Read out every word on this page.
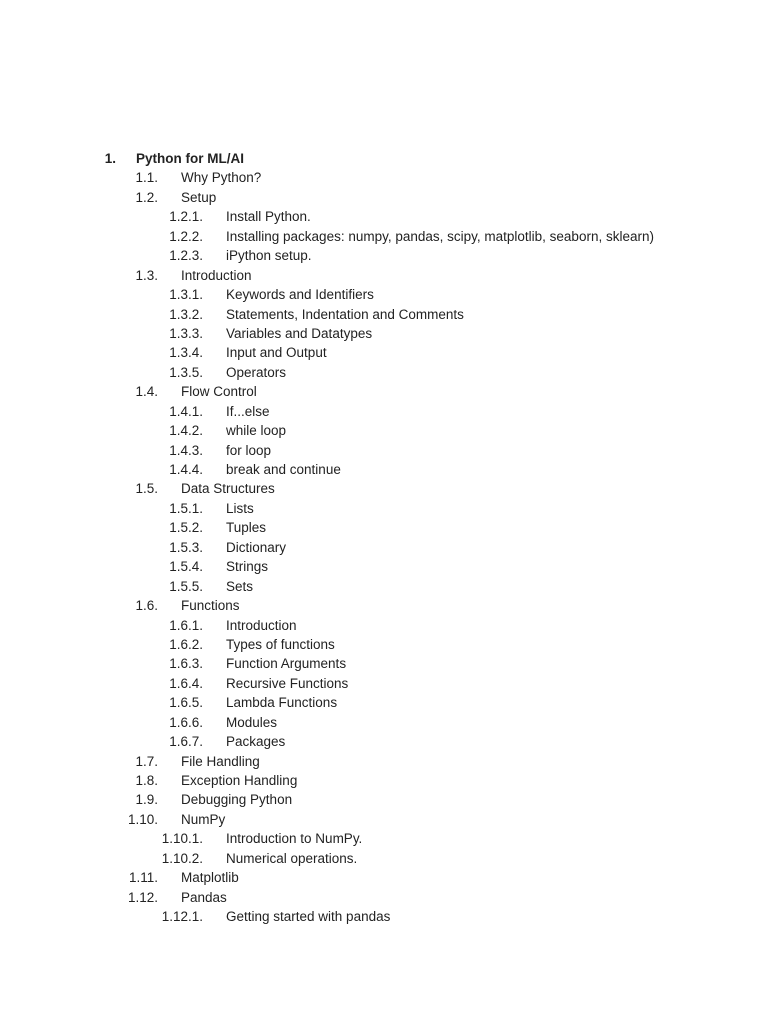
1. Python for ML/AI
1.1. Why Python?
1.2. Setup
1.2.1. Install Python.
1.2.2. Installing packages: numpy, pandas, scipy, matplotlib, seaborn, sklearn)
1.2.3. iPython setup.
1.3. Introduction
1.3.1. Keywords and Identifiers
1.3.2. Statements, Indentation and Comments
1.3.3. Variables and Datatypes
1.3.4. Input and Output
1.3.5. Operators
1.4. Flow Control
1.4.1. If...else
1.4.2. while loop
1.4.3. for loop
1.4.4. break and continue
1.5. Data Structures
1.5.1. Lists
1.5.2. Tuples
1.5.3. Dictionary
1.5.4. Strings
1.5.5. Sets
1.6. Functions
1.6.1. Introduction
1.6.2. Types of functions
1.6.3. Function Arguments
1.6.4. Recursive Functions
1.6.5. Lambda Functions
1.6.6. Modules
1.6.7. Packages
1.7. File Handling
1.8. Exception Handling
1.9. Debugging Python
1.10. NumPy
1.10.1. Introduction to NumPy.
1.10.2. Numerical operations.
1.11. Matplotlib
1.12. Pandas
1.12.1. Getting started with pandas
